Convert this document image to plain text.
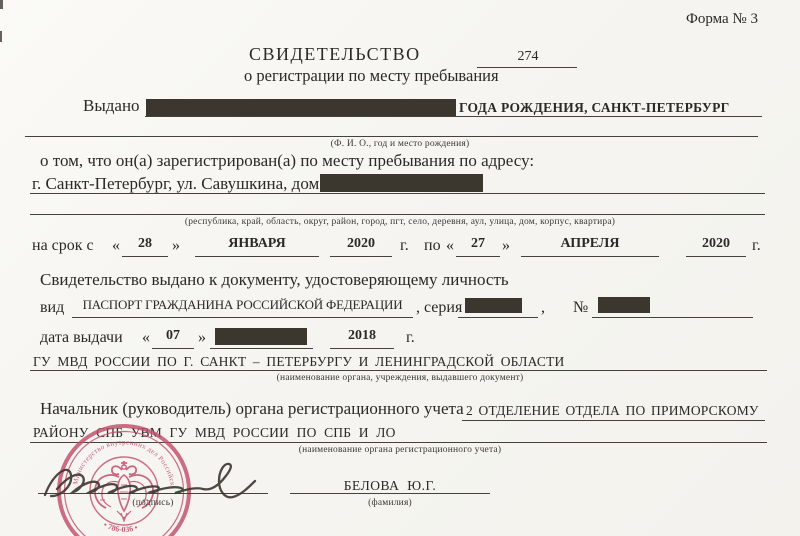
Форма № 3
СВИДЕТЕЛЬСТВО	274
о регистрации по месту пребывания
Выдано	ГОДА РОЖДЕНИЯ, САНКТ-ПЕТЕРБУРГ
(Ф. И. О., год и место рождения)
о том, что он(а) зарегистрирован(а) по месту пребывания по адресу:
г. Санкт-Петербург, ул. Савушкина, дом
(республика, край, область, округ, район, город, пгт, село, деревня, аул, улица, дом, корпус, квартира)
на срок с «	28	»	ЯНВАРЯ	2020	г. по «	27	»	АПРЕЛЯ	2020	г.
Свидетельство выдано к документу, удостоверяющему личность
вид	ПАСПОРТ ГРАЖДАНИНА РОССИЙСКОЙ ФЕДЕРАЦИИ , серия	, №
дата выдачи «	07	»	2018	г.
ГУ МВД РОССИИ ПО Г. САНКТ – ПЕТЕРБУРГУ И ЛЕНИНГРАДСКОЙ ОБЛАСТИ
(наименование органа, учреждения, выдавшего документ)
Начальник (руководитель) органа регистрационного учета 2 ОТДЕЛЕНИЕ ОТДЕЛА ПО ПРИМОРСКОМУ
РАЙОНУ СПБ УВМ ГУ МВД РОССИИ ПО СПБ И ЛО
(наименование органа регистрационного учета)
Министерство внутренних дел Российской
• 786-036 •
(подпись)
БЕЛОВА Ю.Г.
(фамилия)
